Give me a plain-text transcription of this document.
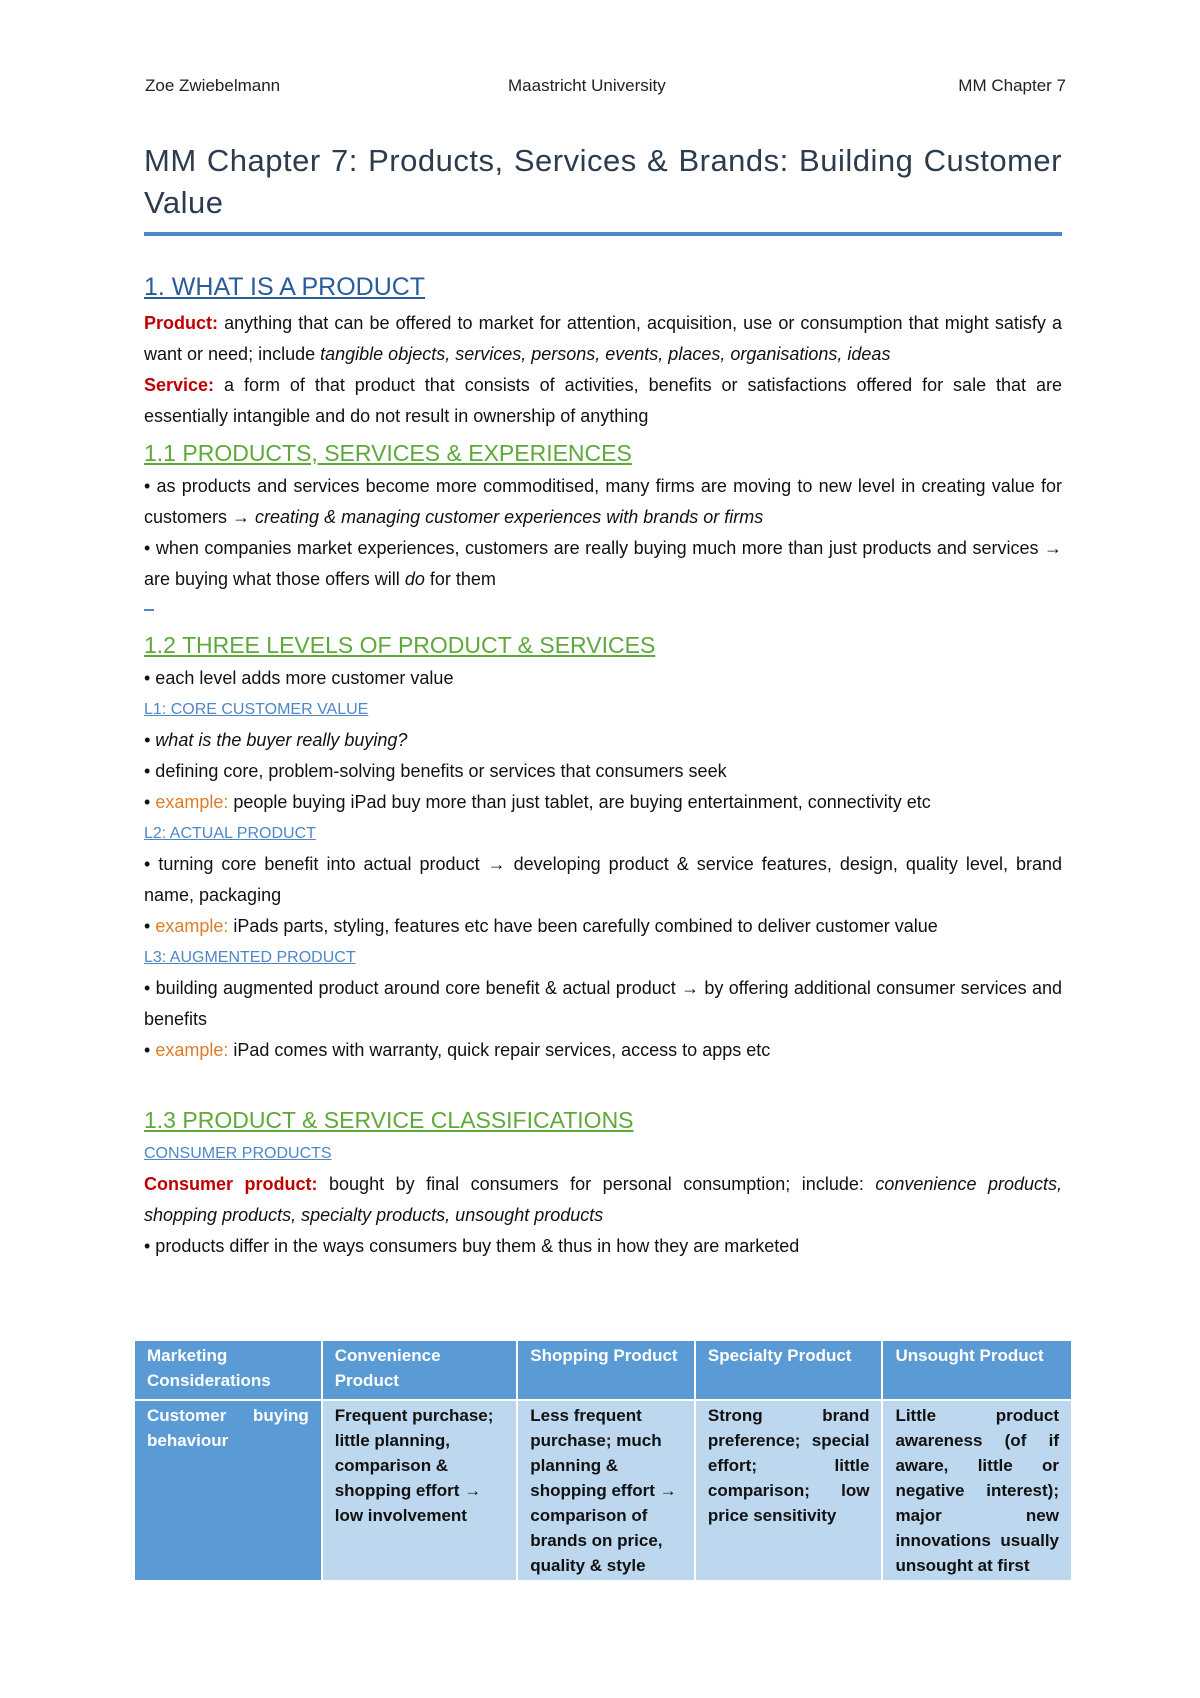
Zoe Zwiebelmann	Maastricht University	MM Chapter 7
MM Chapter 7: Products, Services & Brands: Building Customer Value
1. WHAT IS A PRODUCT

Product: anything that can be offered to market for attention, acquisition, use or consumption that might satisfy a want or need; include tangible objects, services, persons, events, places, organisations, ideas

Service: a form of that product that consists of activities, benefits or satisfactions offered for sale that are essentially intangible and do not result in ownership of anything

1.1 PRODUCTS, SERVICES & EXPERIENCES

• as products and services become more commoditised, many firms are moving to new level in creating value for customers → creating & managing customer experiences with brands or firms

• when companies market experiences, customers are really buying much more than just products and services → are buying what those offers will do for them

1.2 THREE LEVELS OF PRODUCT & SERVICES

• each level adds more customer value

L1: CORE CUSTOMER VALUE

• what is the buyer really buying?

• defining core, problem-solving benefits or services that consumers seek

• example: people buying iPad buy more than just tablet, are buying entertainment, connectivity etc

L2: ACTUAL PRODUCT

• turning core benefit into actual product → developing product & service features, design, quality level, brand name, packaging

• example: iPads parts, styling, features etc have been carefully combined to deliver customer value

L3: AUGMENTED PRODUCT

• building augmented product around core benefit & actual product → by offering additional consumer services and benefits

• example: iPad comes with warranty, quick repair services, access to apps etc

1.3 PRODUCT & SERVICE CLASSIFICATIONS
CONSUMER PRODUCTS

Consumer product: bought by final consumers for personal consumption; include: convenience products, shopping products, specialty products, unsought products

• products differ in the ways consumers buy them & thus in how they are marketed

Marketing Considerations	Convenience Product	Shopping Product	Specialty Product	Unsought Product
Customer buying behaviour	Frequent purchase; little planning, comparison & shopping effort → low involvement	Less frequent purchase; much planning & shopping effort → comparison of brands on price, quality & style	Strong brand preference; special effort; little comparison; low price sensitivity	Little product awareness (of if aware, little or negative interest); major new innovations usually unsought at first
